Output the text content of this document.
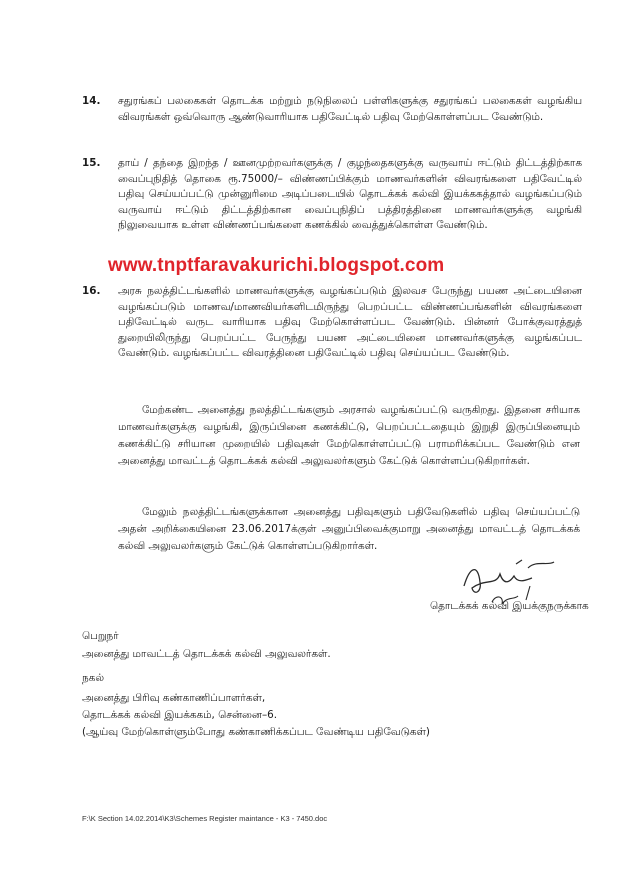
14.	சதுரங்கப் பலகைகள் தொடக்க மற்றும் நடுநிலைப் பள்ளிகளுக்கு சதுரங்கப் பலகைகள் வழங்கிய விவரங்கள் ஒவ்வொரு ஆண்டுவாரியாக பதிவேட்டில் பதிவு மேற்கொள்ளப்பட வேண்டும்.
15.	தாய் / தந்தை இறந்த / ஊனமுற்றவர்களுக்கு / குழந்தைகளுக்கு வருவாய் ஈட்டும் திட்டத்திற்காக வைப்புநிதித் தொகை ரூ.75000/– விண்ணப்பிக்கும் மாணவர்களின் விவரங்களை பதிவேட்டில் பதிவு செய்யப்பட்டு முன்னுரிமை அடிப்படையில் தொடக்கக் கல்வி இயக்ககத்தால் வழங்கப்படும் வருவாய் ஈட்டும் திட்டத்திற்கான வைப்புநிதிப் பத்திரத்தினை மாணவர்களுக்கு வழங்கி நிலுவையாக உள்ள விண்ணப்பங்களை கணக்கில் வைத்துக்கொள்ள வேண்டும்.
www.tnptfaravakurichi.blogspot.com
16.	அரசு நலத்திட்டங்களில் மாணவர்களுக்கு வழங்கப்படும் இலவச பேருந்து பயண அட்டையினை வழங்கப்படும் மாணவ/மாணவியர்களிடமிருந்து பெறப்பட்ட விண்ணப்பங்களின் விவரங்களை பதிவேட்டில் வருட வாரியாக பதிவு மேற்கொள்ளப்பட வேண்டும். பின்னர் போக்குவரத்துத் துறையிலிருந்து பெறப்பட்ட பேருந்து பயண அட்டையினை மாணவர்களுக்கு வழங்கப்பட வேண்டும். வழங்கப்பட்ட விவரத்தினை பதிவேட்டில் பதிவு செய்யப்பட வேண்டும்.
மேற்கண்ட அனைத்து நலத்திட்டங்களும் அரசால் வழங்கப்பட்டு வருகிறது. இதனை சரியாக மாணவர்களுக்கு வழங்கி, இருப்பினை கணக்கிட்டு, பெறப்பட்டதையும் இறுதி இருப்பினையும் கணக்கிட்டு சரியான முறையில் பதிவுகள் மேற்கொள்ளப்பட்டு பராமரிக்கப்பட வேண்டும் என அனைத்து மாவட்டத் தொடக்கக் கல்வி அலுவலர்களும் கேட்டுக் கொள்ளப்படுகிறார்கள்.
மேலும் நலத்திட்டங்களுக்கான அனைத்து பதிவுகளும் பதிவேடுகளில் பதிவு செய்யப்பட்டு அதன் அறிக்கையினை 23.06.2017க்குள் அனுப்பிவைக்குமாறு அனைத்து மாவட்டத் தொடக்கக் கல்வி அலுவலர்களும் கேட்டுக் கொள்ளப்படுகிறார்கள்.
தொடக்கக் கல்வி இயக்குநருக்காக
பெறுநர்
அனைத்து மாவட்டத் தொடக்கக் கல்வி அலுவலர்கள்.
நகல்
அனைத்து பிரிவு கண்காணிப்பாளர்கள்,
தொடக்கக் கல்வி இயக்ககம், சென்னை–6.
(ஆய்வு மேற்கொள்ளும்போது கண்காணிக்கப்பட வேண்டிய பதிவேடுகள்)
F:\K Section 14.02.2014\K3\Schemes Register maintance - K3 - 7450.doc
